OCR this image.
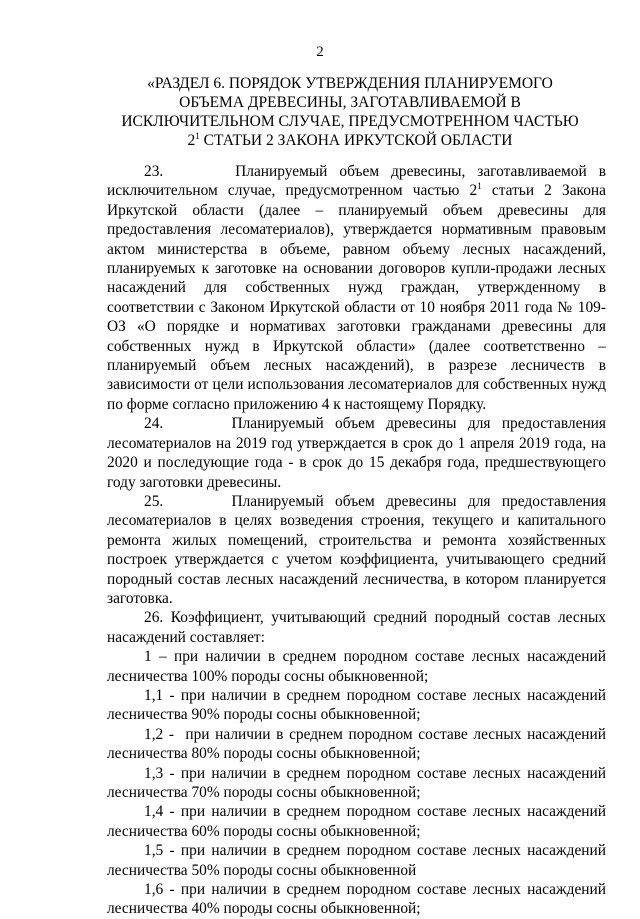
2
«РАЗДЕЛ 6. ПОРЯДОК УТВЕРЖДЕНИЯ ПЛАНИРУЕМОГО ОБЪЕМА ДРЕВЕСИНЫ, ЗАГОТАВЛИВАЕМОЙ В ИСКЛЮЧИТЕЛЬНОМ СЛУЧАЕ, ПРЕДУСМОТРЕННОМ ЧАСТЬЮ $2^1$ СТАТЬИ 2 ЗАКОНА ИРКУТСКОЙ ОБЛАСТИ

23.      Планируемый объем древесины, заготавливаемой в исключительном случае, предусмотренном частью $2^1$ статьи 2 Закона Иркутской области (далее – планируемый объем древесины для предоставления лесоматериалов), утверждается нормативным правовым актом министерства в объеме, равном объему лесных насаждений, планируемых к заготовке на основании договоров купли-продажи лесных насаждений для собственных нужд граждан, утвержденному в соответствии с Законом Иркутской области от 10 ноября 2011 года № 109-ОЗ «О порядке и нормативах заготовки гражданами древесины для собственных нужд в Иркутской области» (далее соответственно – планируемый объем лесных насаждений), в разрезе лесничеств в зависимости от цели использования лесоматериалов для собственных нужд по форме согласно приложению 4 к настоящему Порядку.

24.      Планируемый объем древесины для предоставления лесоматериалов на 2019 год утверждается в срок до 1 апреля 2019 года, на 2020 и последующие года - в срок до 15 декабря года, предшествующего году заготовки древесины.

25.      Планируемый объем древесины для предоставления лесоматериалов в целях возведения строения, текущего и капитального ремонта жилых помещений, строительства и ремонта хозяйственных построек утверждается с учетом коэффициента, учитывающего средний породный состав лесных насаждений лесничества, в котором планируется заготовка.

26. Коэффициент, учитывающий средний породный состав лесных насаждений составляет:

1 – при наличии в среднем породном составе лесных насаждений лесничества 100% породы сосны обыкновенной;

1,1 - при наличии в среднем породном составе лесных насаждений лесничества 90% породы сосны обыкновенной;

1,2 -  при наличии в среднем породном составе лесных насаждений лесничества 80% породы сосны обыкновенной;

1,3 - при наличии в среднем породном составе лесных насаждений лесничества 70% породы сосны обыкновенной;

1,4 - при наличии в среднем породном составе лесных насаждений лесничества 60% породы сосны обыкновенной;

1,5 - при наличии в среднем породном составе лесных насаждений лесничества 50% породы сосны обыкновенной

1,6 - при наличии в среднем породном составе лесных насаждений лесничества 40% породы сосны обыкновенной;
